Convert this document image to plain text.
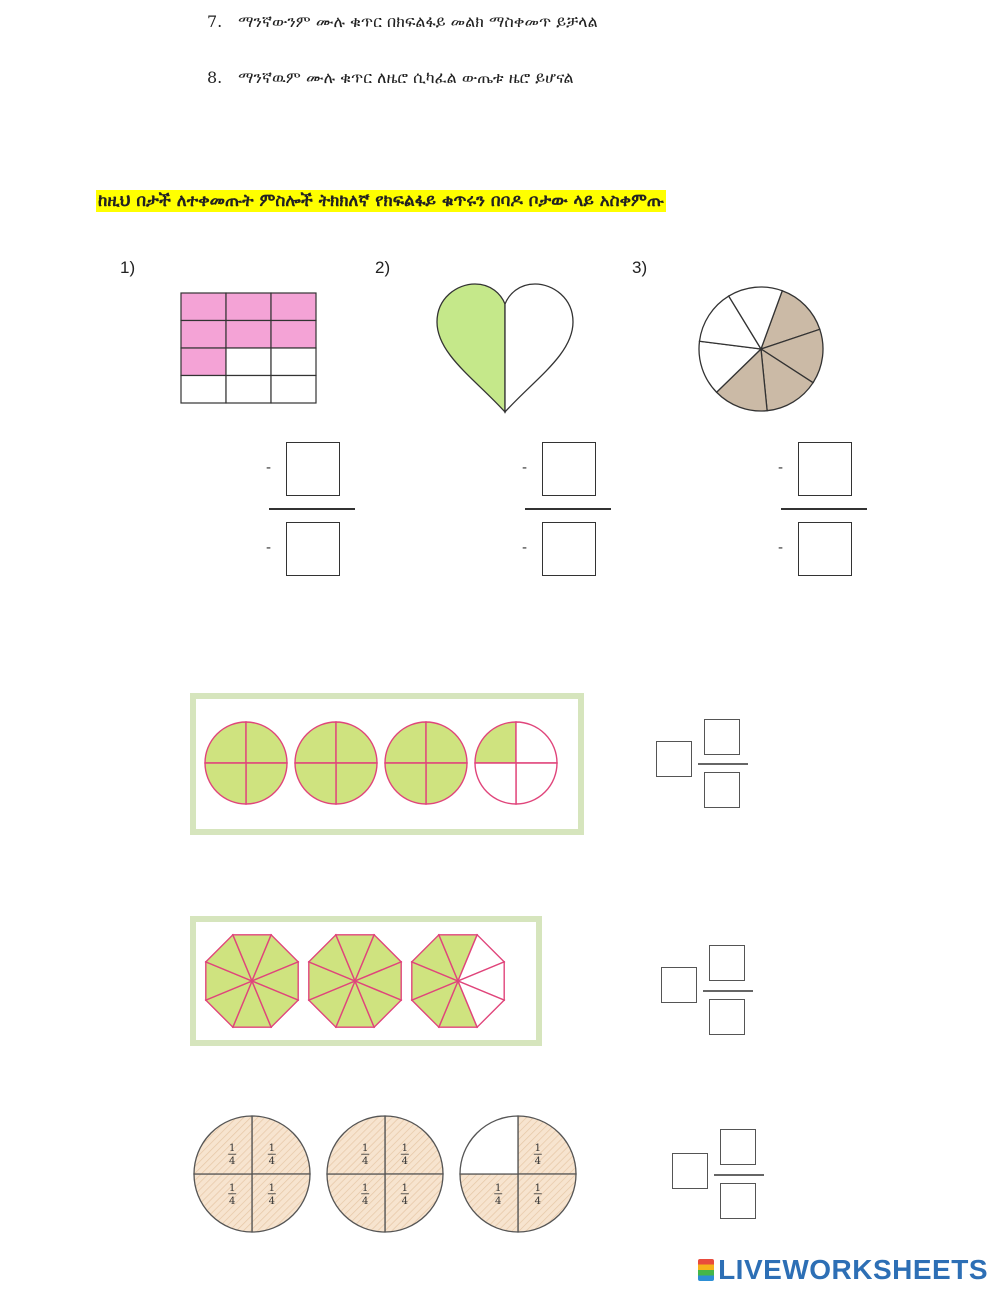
7. ማንኛውንም ሙሉ ቁጥር በክፍልፋይ መልክ ማስቀመጥ ይቻላል
8. ማንኛዉም ሙሉ ቁጥር ለዜሮ ሲካፈል ውጤቱ ዜሮ ይሆናል
ከዚህ በታች ለተቀመጡት ምስሎች ትክክለኛ የክፍልፋይ ቁጥሩን በባዶ ቦታው ላይ አስቀምጡ
1)	2)	3)
-
-
-
-
-
-
1
4
1
4
1
4
1
4
1
4
1
4
1
4
1
4
1
4
1
4
1
4
LIVEWORKSHEETS
